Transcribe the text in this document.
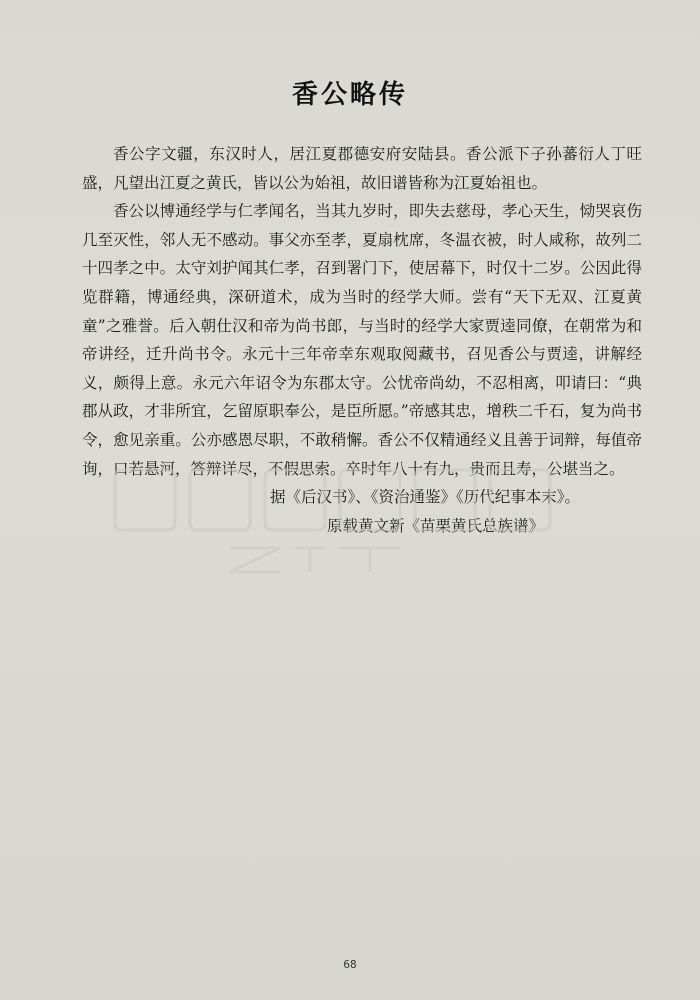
香公略传

香公字文疆，东汉时人，居江夏郡德安府安陆县。香公派下子孙蕃衍人丁旺盛，凡望出江夏之黄氏，皆以公为始祖，故旧谱皆称为江夏始祖也。

香公以博通经学与仁孝闻名，当其九岁时，即失去慈母，孝心天生，恸哭哀伤几至灭性，邻人无不感动。事父亦至孝，夏扇枕席，冬温衣被，时人咸称，故列二十四孝之中。太守刘护闻其仁孝，召到署门下，使居幕下，时仅十二岁。公因此得览群籍，博通经典，深研道术，成为当时的经学大师。尝有“天下无双、江夏黄童”之雅誉。后入朝仕汉和帝为尚书郎，与当时的经学大家贾逵同僚，在朝常为和帝讲经，迁升尚书令。永元十三年帝幸东观取阅藏书，召见香公与贾逵，讲解经义，颇得上意。永元六年诏令为东郡太守。公忧帝尚幼，不忍相离，叩请曰：“典郡从政，才非所宜，乞留原职奉公，是臣所愿。”帝感其忠，增秩二千石，复为尚书令，愈见亲重。公亦感恩尽职，不敢稍懈。香公不仅精通经义且善于词辩，每值帝询，口若悬河，答辩详尽，不假思索。卒时年八十有九，贵而且寿，公堪当之。

据《后汉书》、《资治通鉴》《历代纪事本末》。

原载黄文新《苗栗黄氏总族谱》

68
